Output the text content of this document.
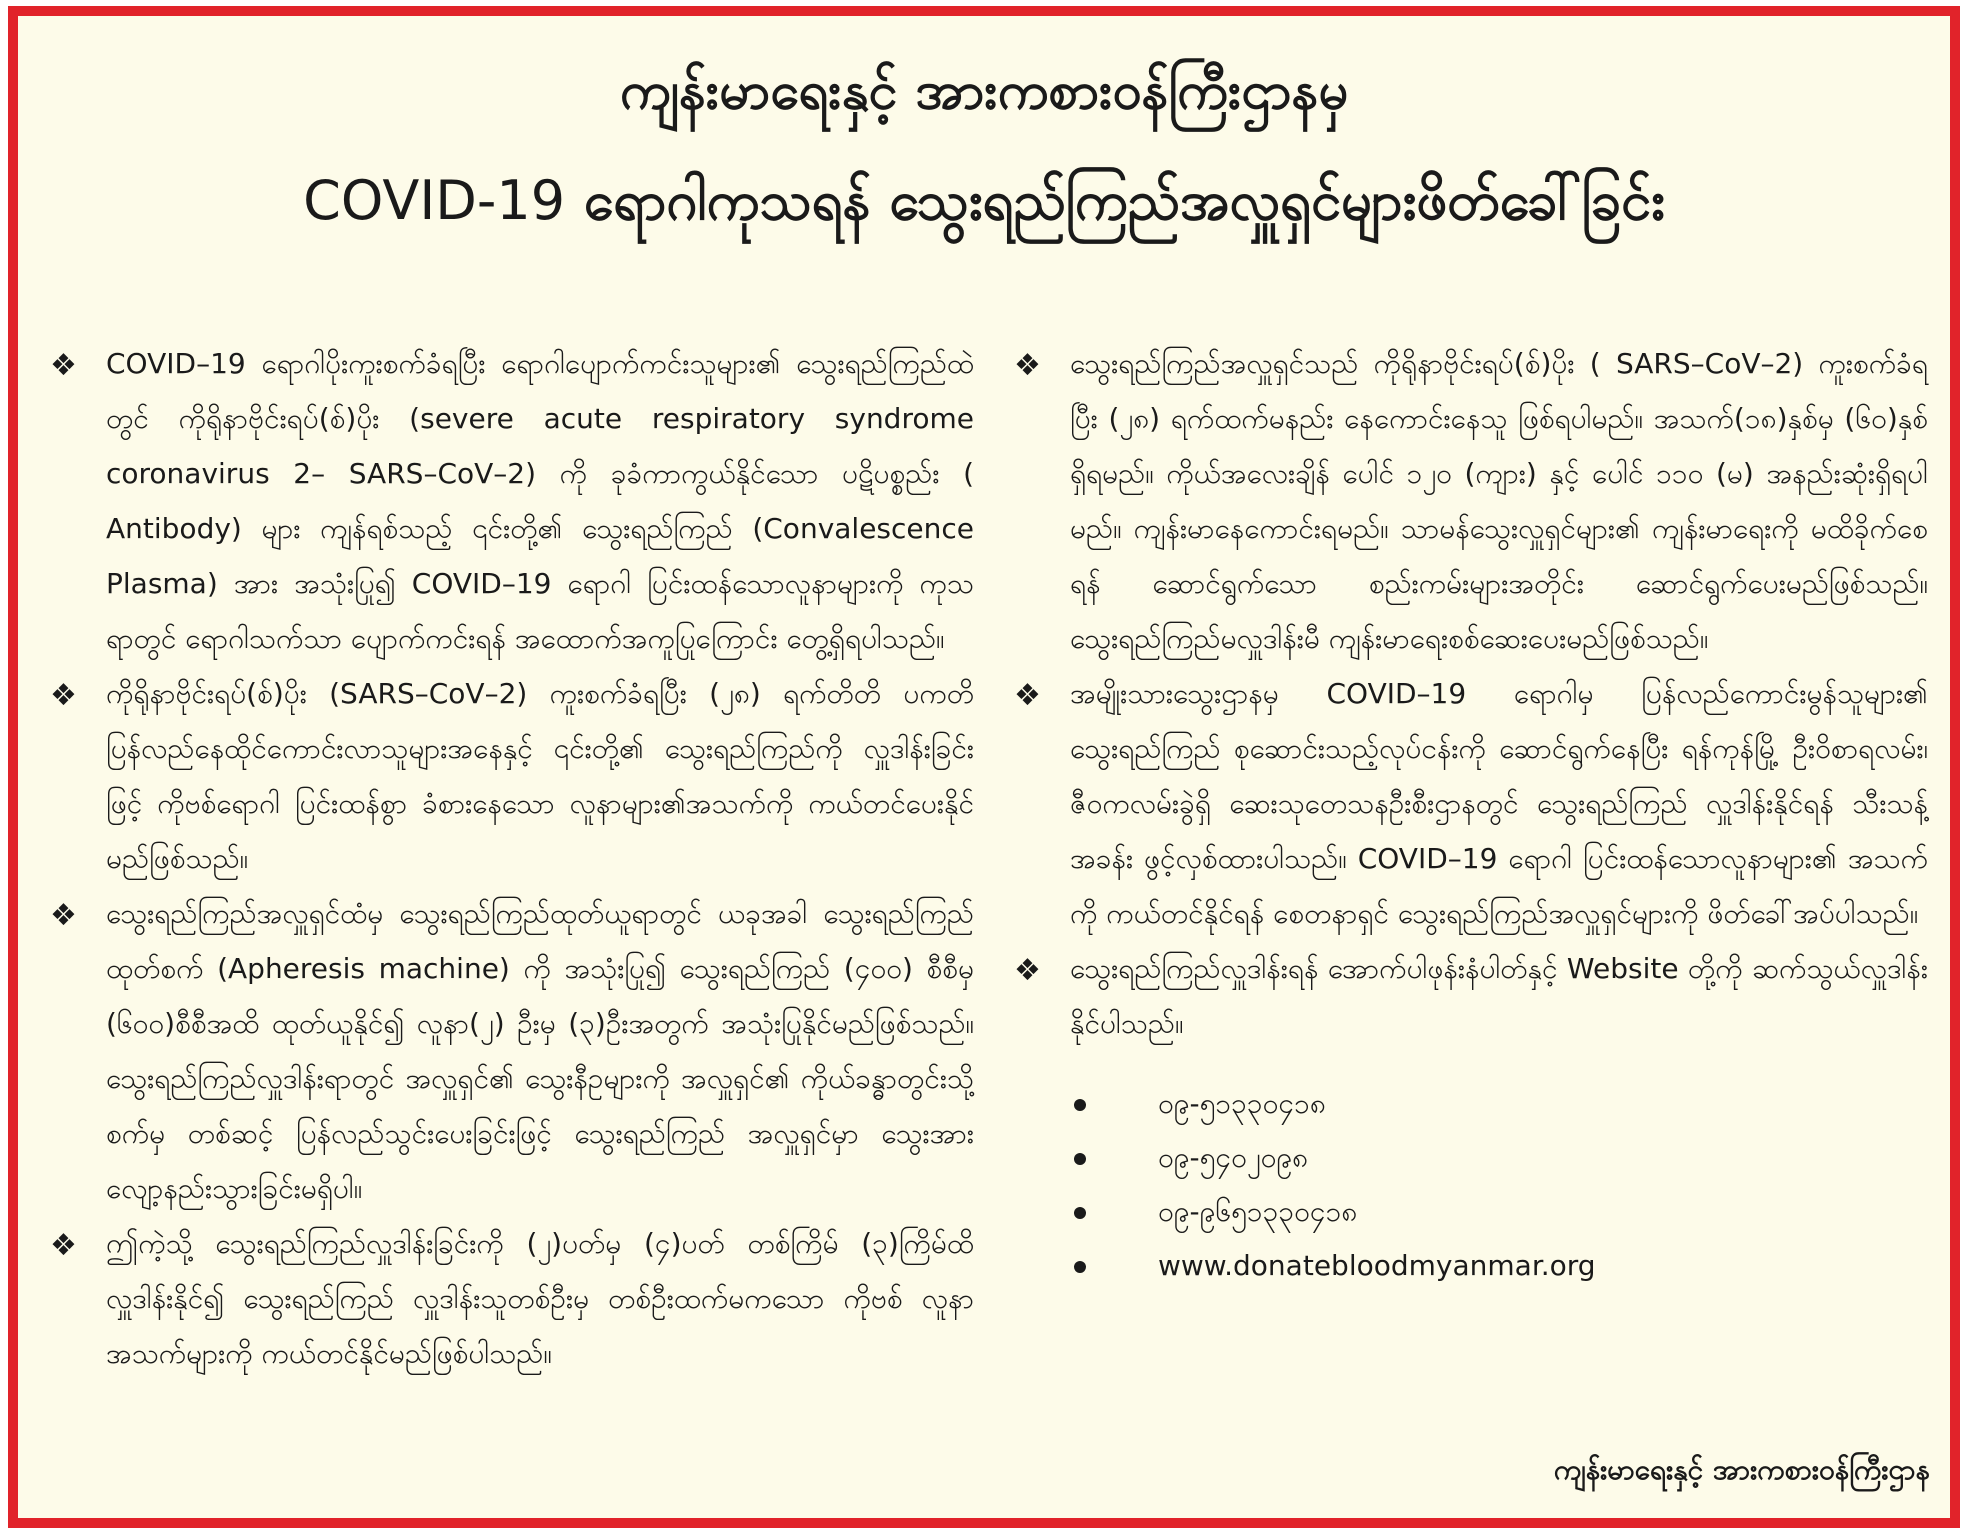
ကျန်းမာရေးနှင့် အားကစားဝန်ကြီးဌာနမှ
COVID-19 ရောဂါကုသရန် သွေးရည်ကြည်အလှူရှင်များဖိတ်ခေါ်ခြင်း
❖ COVID–19 ရောဂါပိုးကူးစက်ခံရပြီး ရောဂါပျောက်ကင်းသူများ၏ သွေးရည်ကြည်ထဲတွင် ကိုရိုနာဗိုင်းရပ်(စ်)ပိုး (severe acute respiratory syndrome coronavirus 2– SARS–CoV–2) ကို ခုခံကာကွယ်နိုင်သော ပဋိပစ္စည်း ( Antibody) များ ကျန်ရစ်သည့် ၎င်းတို့၏ သွေးရည်ကြည် (Convalescence Plasma) အား အသုံးပြု၍ COVID–19 ရောဂါ ပြင်းထန်သောလူနာများကို ကုသရာတွင် ရောဂါသက်သာ ပျောက်ကင်းရန် အထောက်အကူပြုကြောင်း တွေ့ရှိရပါသည်။
❖ ကိုရိုနာဗိုင်းရပ်(စ်)ပိုး (SARS–CoV–2) ကူးစက်ခံရပြီး (၂၈) ရက်တိတိ ပကတိ ပြန်လည်နေထိုင်ကောင်းလာသူများအနေနှင့် ၎င်းတို့၏ သွေးရည်ကြည်ကို လှူဒါန်းခြင်းဖြင့် ကိုဗစ်ရောဂါ ပြင်းထန်စွာ ခံစားနေသော လူနာများ၏အသက်ကို ကယ်တင်ပေးနိုင်မည်ဖြစ်သည်။
❖ သွေးရည်ကြည်အလှူရှင်ထံမှ သွေးရည်ကြည်ထုတ်ယူရာတွင် ယခုအခါ သွေးရည်ကြည်ထုတ်စက် (Apheresis machine) ကို အသုံးပြု၍ သွေးရည်ကြည် (၄၀၀) စီစီမှ (၆၀၀)စီစီအထိ ထုတ်ယူနိုင်၍ လူနာ(၂) ဦးမှ (၃)ဦးအတွက် အသုံးပြုနိုင်မည်ဖြစ်သည်။ သွေးရည်ကြည်လှူဒါန်းရာတွင် အလှူရှင်၏ သွေးနီဥများကို အလှူရှင်၏ ကိုယ်ခန္ဓာတွင်းသို့ စက်မှ တစ်ဆင့် ပြန်လည်သွင်းပေးခြင်းဖြင့် သွေးရည်ကြည် အလှူရှင်မှာ သွေးအား လျော့နည်းသွားခြင်းမရှိပါ။
❖ ဤကဲ့သို့ သွေးရည်ကြည်လှူဒါန်းခြင်းကို (၂)ပတ်မှ (၄)ပတ် တစ်ကြိမ် (၃)ကြိမ်ထိ လှူဒါန်းနိုင်၍ သွေးရည်ကြည် လှူဒါန်းသူတစ်ဦးမှ တစ်ဦးထက်မကသော ကိုဗစ် လူနာအသက်များကို ကယ်တင်နိုင်မည်ဖြစ်ပါသည်။
❖ သွေးရည်ကြည်အလှူရှင်သည် ကိုရိုနာဗိုင်းရပ်(စ်)ပိုး ( SARS–CoV–2) ကူးစက်ခံရပြီး (၂၈) ရက်ထက်မနည်း နေကောင်းနေသူ ဖြစ်ရပါမည်။ အသက်(၁၈)နှစ်မှ (၆၀)နှစ် ရှိရမည်။ ကိုယ်အလေးချိန် ပေါင် ၁၂၀ (ကျား) နှင့် ပေါင် ၁၁၀ (မ) အနည်းဆုံးရှိရပါမည်။ ကျန်းမာနေကောင်းရမည်။ သာမန်သွေးလှူရှင်များ၏ ကျန်းမာရေးကို မထိခိုက်စေရန် ဆောင်ရွက်သော စည်းကမ်းများအတိုင်း ဆောင်ရွက်ပေးမည်ဖြစ်သည်။ သွေးရည်ကြည်မလှူဒါန်းမီ ကျန်းမာရေးစစ်ဆေးပေးမည်ဖြစ်သည်။
❖ အမျိုးသားသွေးဌာနမှ COVID–19 ရောဂါမှ ပြန်လည်ကောင်းမွန်သူများ၏ သွေးရည်ကြည် စုဆောင်းသည့်လုပ်ငန်းကို ဆောင်ရွက်နေပြီး ရန်ကုန်မြို့ ဦးဝိစာရလမ်း၊ ဇီဝကလမ်းခွဲရှိ ဆေးသုတေသနဦးစီးဌာနတွင် သွေးရည်ကြည် လှူဒါန်းနိုင်ရန် သီးသန့်အခန်း ဖွင့်လှစ်ထားပါသည်။ COVID–19 ရောဂါ ပြင်းထန်သောလူနာများ၏ အသက်ကို ကယ်တင်နိုင်ရန် စေတနာရှင် သွေးရည်ကြည်အလှူရှင်များကို ဖိတ်ခေါ်အပ်ပါသည်။
❖ သွေးရည်ကြည်လှူဒါန်းရန် အောက်ပါဖုန်းနံပါတ်နှင့် Website တို့ကို ဆက်သွယ်လှူဒါန်းနိုင်ပါသည်။
၀၉-၅၁၃၃၀၄၁၈
၀၉-၅၄၀၂၀၉၈
၀၉-၉၆၅၁၃၃၀၄၁၈
www.donatebloodmyanmar.org
ကျန်းမာရေးနှင့် အားကစားဝန်ကြီးဌာန
